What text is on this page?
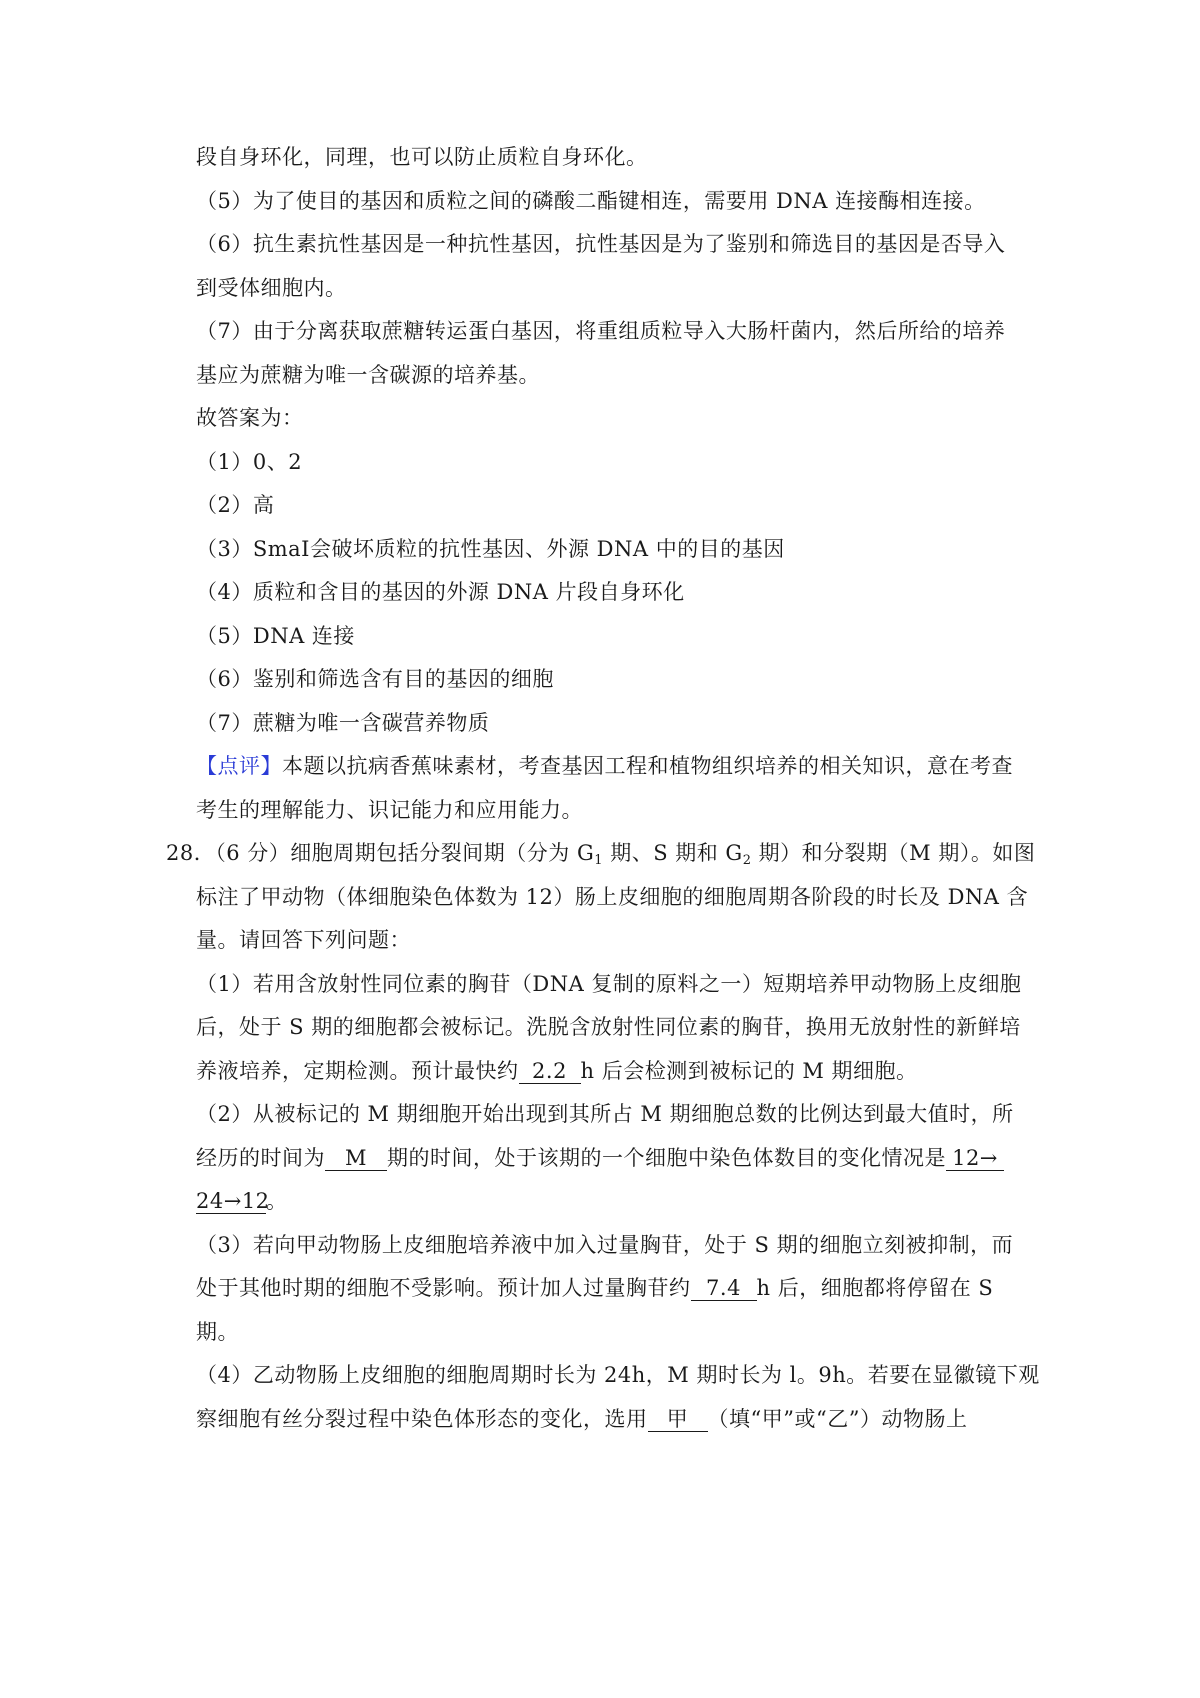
段自身环化，同理，也可以防止质粒自身环化。
（5）为了使目的基因和质粒之间的磷酸二酯键相连，需要用 DNA 连接酶相连接。
（6）抗生素抗性基因是一种抗性基因，抗性基因是为了鉴别和筛选目的基因是否导入
到受体细胞内。
（7）由于分离获取蔗糖转运蛋白基因，将重组质粒导入大肠杆菌内，然后所给的培养
基应为蔗糖为唯一含碳源的培养基。
故答案为：
（1）0、2
（2）高
（3）SmaⅠ会破坏质粒的抗性基因、外源 DNA 中的目的基因
（4）质粒和含目的基因的外源 DNA 片段自身环化
（5）DNA 连接
（6）鉴别和筛选含有目的基因的细胞
（7）蔗糖为唯一含碳营养物质
【点评】本题以抗病香蕉味素材，考查基因工程和植物组织培养的相关知识，意在考查
考生的理解能力、识记能力和应用能力。
28．（6 分）细胞周期包括分裂间期（分为 $G_1$ 期、S 期和 $G_2$ 期）和分裂期（M 期）。如图
标注了甲动物（体细胞染色体数为 12）肠上皮细胞的细胞周期各阶段的时长及 DNA 含
量。请回答下列问题：
（1）若用含放射性同位素的胸苷（DNA 复制的原料之一）短期培养甲动物肠上皮细胞
后，处于 S 期的细胞都会被标记。洗脱含放射性同位素的胸苷，换用无放射性的新鲜培
养液培养，定期检测。预计最快约 2.2 h 后会检测到被标记的 M 期细胞。
（2）从被标记的 M 期细胞开始出现到其所占 M 期细胞总数的比例达到最大值时，所
经历的时间为 M 期的时间，处于该期的一个细胞中染色体数目的变化情况是 12→
24→12。
（3）若向甲动物肠上皮细胞培养液中加入过量胸苷，处于 S 期的细胞立刻被抑制，而
处于其他时期的细胞不受影响。预计加人过量胸苷约 7.4 h 后，细胞都将停留在 S
期。
（4）乙动物肠上皮细胞的细胞周期时长为 24h，M 期时长为 l。9h。若要在显徽镜下观
察细胞有丝分裂过程中染色体形态的变化，选用 甲 （填“甲”或“乙”）动物肠上
